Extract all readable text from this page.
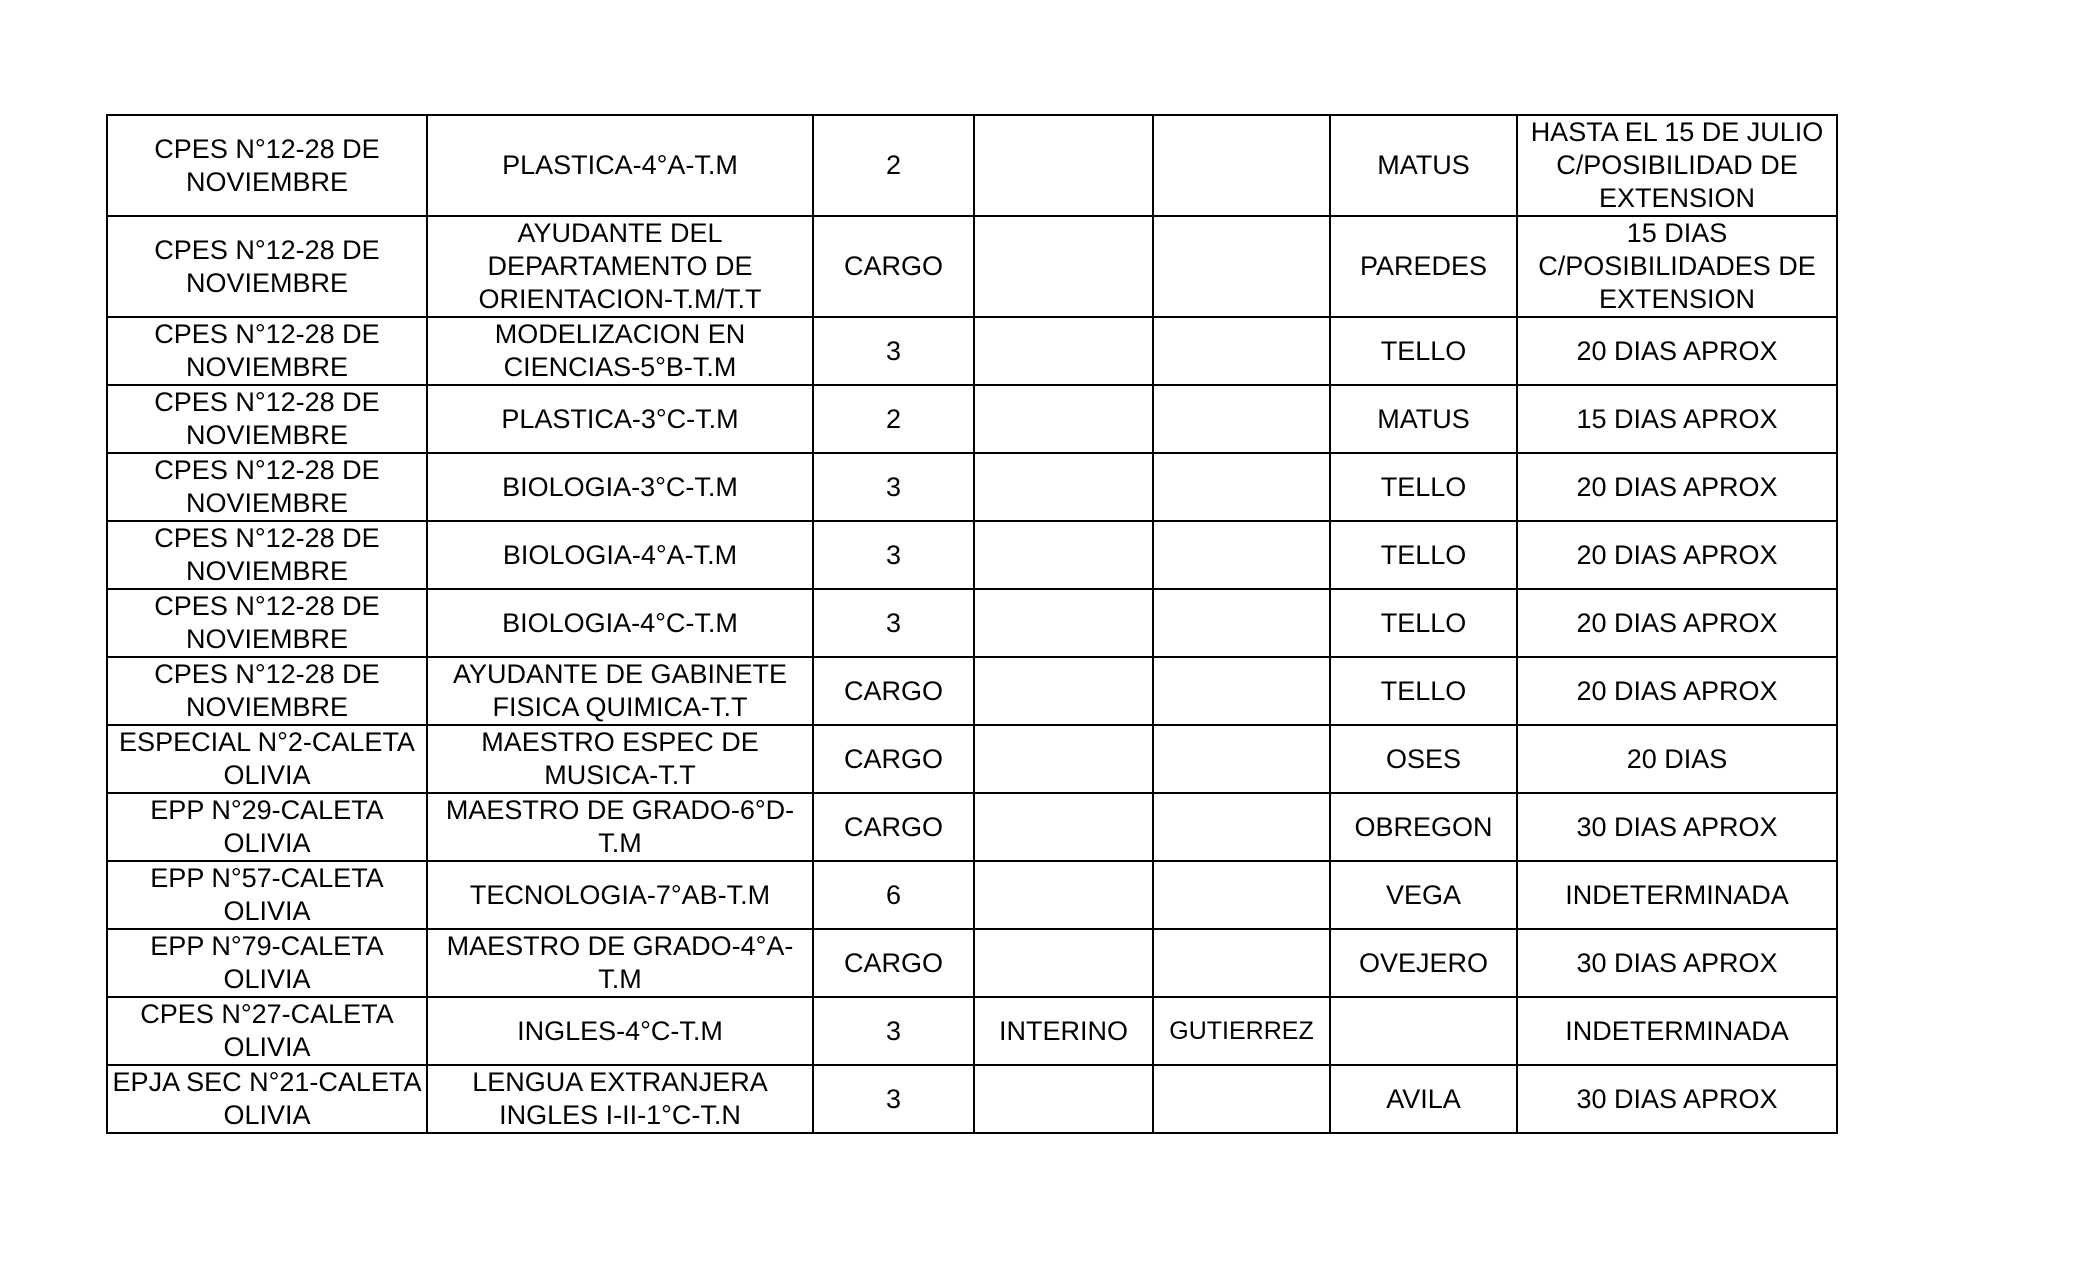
CPES N°12-28 DE NOVIEMBRE	PLASTICA-4°A-T.M	2			MATUS	HASTA EL 15 DE JULIO C/POSIBILIDAD DE EXTENSION
CPES N°12-28 DE NOVIEMBRE	AYUDANTE DEL DEPARTAMENTO DE ORIENTACION-T.M/T.T	CARGO			PAREDES	15 DIAS C/POSIBILIDADES DE EXTENSION
CPES N°12-28 DE NOVIEMBRE	MODELIZACION EN CIENCIAS-5°B-T.M	3			TELLO	20 DIAS APROX
CPES N°12-28 DE NOVIEMBRE	PLASTICA-3°C-T.M	2			MATUS	15 DIAS APROX
CPES N°12-28 DE NOVIEMBRE	BIOLOGIA-3°C-T.M	3			TELLO	20 DIAS APROX
CPES N°12-28 DE NOVIEMBRE	BIOLOGIA-4°A-T.M	3			TELLO	20 DIAS APROX
CPES N°12-28 DE NOVIEMBRE	BIOLOGIA-4°C-T.M	3			TELLO	20 DIAS APROX
CPES N°12-28 DE NOVIEMBRE	AYUDANTE DE GABINETE FISICA QUIMICA-T.T	CARGO			TELLO	20 DIAS APROX
ESPECIAL N°2-CALETA OLIVIA	MAESTRO ESPEC DE MUSICA-T.T	CARGO			OSES	20 DIAS
EPP N°29-CALETA OLIVIA	MAESTRO DE GRADO-6°D-T.M	CARGO			OBREGON	30 DIAS APROX
EPP N°57-CALETA OLIVIA	TECNOLOGIA-7°AB-T.M	6			VEGA	INDETERMINADA
EPP N°79-CALETA OLIVIA	MAESTRO DE GRADO-4°A-T.M	CARGO			OVEJERO	30 DIAS APROX
CPES N°27-CALETA OLIVIA	INGLES-4°C-T.M	3	INTERINO	GUTIERREZ		INDETERMINADA
EPJA SEC N°21-CALETA OLIVIA	LENGUA EXTRANJERA INGLES I-II-1°C-T.N	3			AVILA	30 DIAS APROX
